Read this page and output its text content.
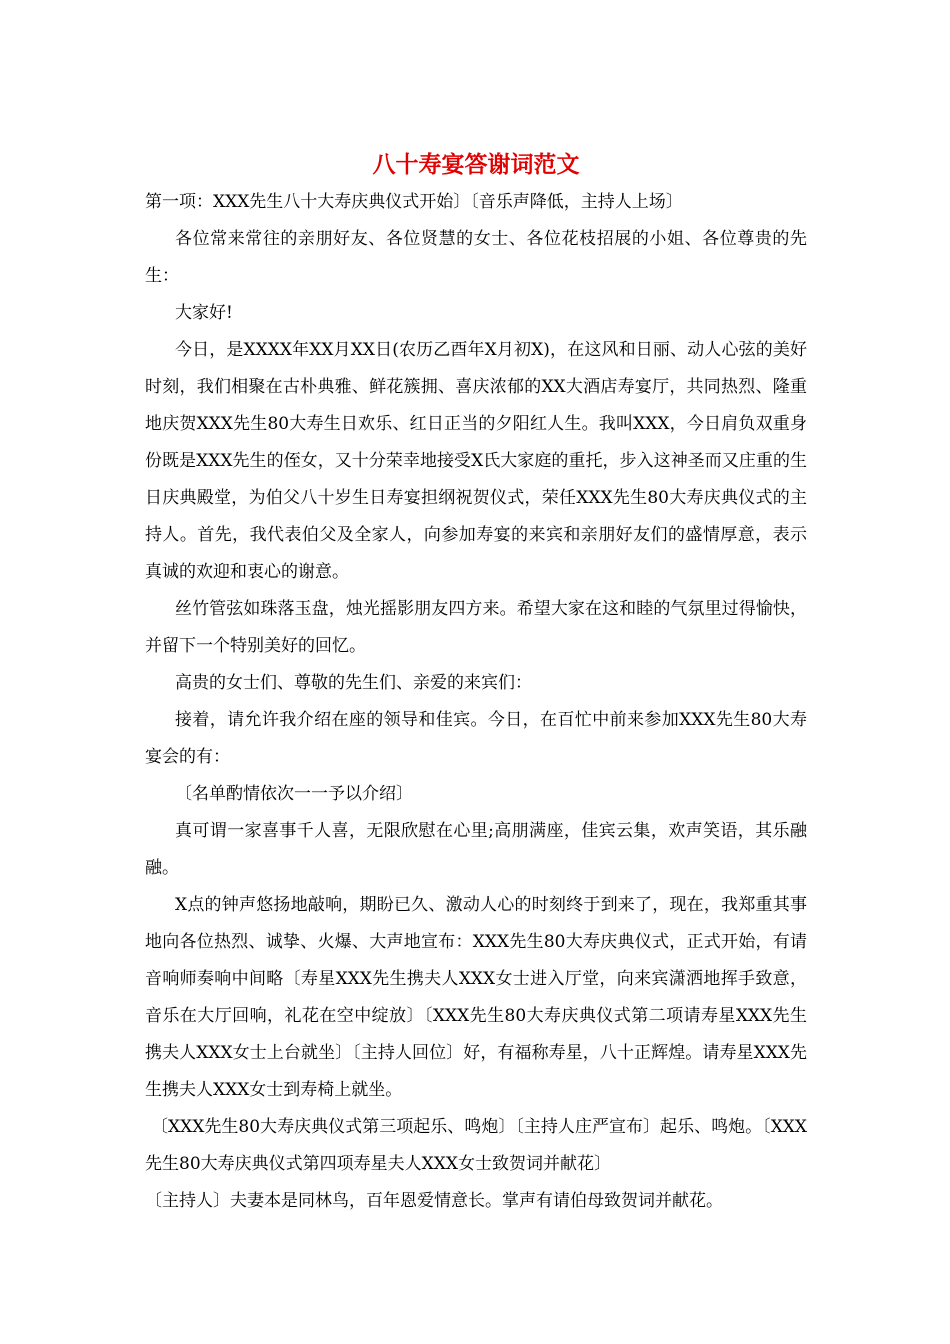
八十寿宴答谢词范文

第一项：XXX先生八十大寿庆典仪式开始〕〔音乐声降低，主持人上场〕

各位常来常往的亲朋好友、各位贤慧的女士、各位花枝招展的小姐、各位尊贵的先生：

大家好!

今日，是XXXX年XX月XX日(农历乙酉年X月初X)，在这风和日丽、动人心弦的美好时刻，我们相聚在古朴典雅、鲜花簇拥、喜庆浓郁的XX大酒店寿宴厅，共同热烈、隆重地庆贺XXX先生80大寿生日欢乐、红日正当的夕阳红人生。我叫XXX，今日肩负双重身份既是XXX先生的侄女，又十分荣幸地接受X氏大家庭的重托，步入这神圣而又庄重的生日庆典殿堂，为伯父八十岁生日寿宴担纲祝贺仪式，荣任XXX先生80大寿庆典仪式的主持人。首先，我代表伯父及全家人，向参加寿宴的来宾和亲朋好友们的盛情厚意，表示真诚的欢迎和衷心的谢意。

丝竹管弦如珠落玉盘，烛光摇影朋友四方来。希望大家在这和睦的气氛里过得愉快，并留下一个特别美好的回忆。

高贵的女士们、尊敬的先生们、亲爱的来宾们：

接着，请允许我介绍在座的领导和佳宾。今日，在百忙中前来参加XXX先生80大寿宴会的有：

〔名单酌情依次一一予以介绍〕

真可谓一家喜事千人喜，无限欣慰在心里;高朋满座，佳宾云集，欢声笑语，其乐融融。

X点的钟声悠扬地敲响，期盼已久、激动人心的时刻终于到来了，现在，我郑重其事地向各位热烈、诚挚、火爆、大声地宣布：XXX先生80大寿庆典仪式，正式开始，有请音响师奏响中间略〔寿星XXX先生携夫人XXX女士进入厅堂，向来宾潇洒地挥手致意，音乐在大厅回响，礼花在空中绽放〕〔XXX先生80大寿庆典仪式第二项请寿星XXX先生携夫人XXX女士上台就坐〕〔主持人回位〕好，有福称寿星，八十正辉煌。请寿星XXX先生携夫人XXX女士到寿椅上就坐。

〔XXX先生80大寿庆典仪式第三项起乐、鸣炮〕〔主持人庄严宣布〕起乐、鸣炮。〔XXX先生80大寿庆典仪式第四项寿星夫人XXX女士致贺词并献花〕

〔主持人〕夫妻本是同林鸟，百年恩爱情意长。掌声有请伯母致贺词并献花。
